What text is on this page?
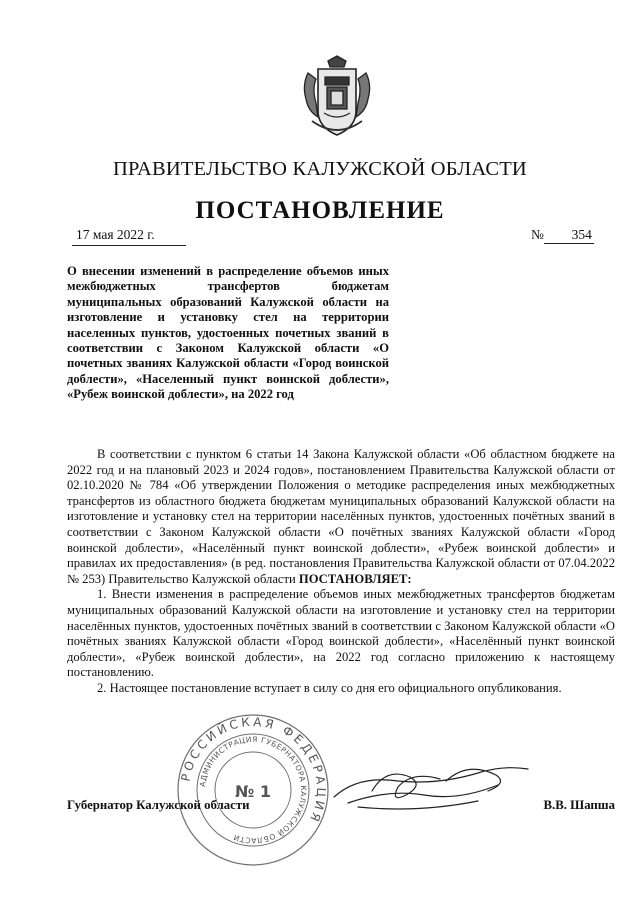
ПРАВИТЕЛЬСТВО КАЛУЖСКОЙ ОБЛАСТИ
ПОСТАНОВЛЕНИЕ
17 мая 2022 г.	№ 354
О внесении изменений в распределение объемов иных межбюджетных трансфертов бюджетам муниципальных образований Калужской области на изготовление и установку стел на территории населенных пунктов, удостоенных почетных званий в соответствии с Законом Калужской области «О почетных званиях Калужской области «Город воинской доблести», «Населенный пункт воинской доблести», «Рубеж воинской доблести», на 2022 год

В соответствии с пунктом 6 статьи 14 Закона Калужской области «Об областном бюджете на 2022 год и на плановый 2023 и 2024 годов», постановлением Правительства Калужской области от 02.10.2020 № 784 «Об утверждении Положения о методике распределения иных межбюджетных трансфертов из областного бюджета бюджетам муниципальных образований Калужской области на изготовление и установку стел на территории населённых пунктов, удостоенных почётных званий в соответствии с Законом Калужской области «О почётных званиях Калужской области «Город воинской доблести», «Населённый пункт воинской доблести», «Рубеж воинской доблести» и правилах их предоставления» (в ред. постановления Правительства Калужской области от 07.04.2022 № 253) Правительство Калужской области ПОСТАНОВЛЯЕТ:

1. Внести изменения в распределение объемов иных межбюджетных трансфертов бюджетам муниципальных образований Калужской области на изготовление и установку стел на территории населённых пунктов, удостоенных почётных званий в соответствии с Законом Калужской области «О почётных званиях Калужской области «Город воинской доблести», «Населённый пункт воинской доблести», «Рубеж воинской доблести», на 2022 год согласно приложению к настоящему постановлению.

2. Настоящее постановление вступает в силу со дня его официального опубликования.

РОССИЙСКАЯ ФЕДЕРАЦИЯ
АДМИНИСТРАЦИЯ ГУБЕРНАТОРА КАЛУЖСКОЙ ОБЛАСТИ
№ 1
Губернатор Калужской области	В.В. Шапша
